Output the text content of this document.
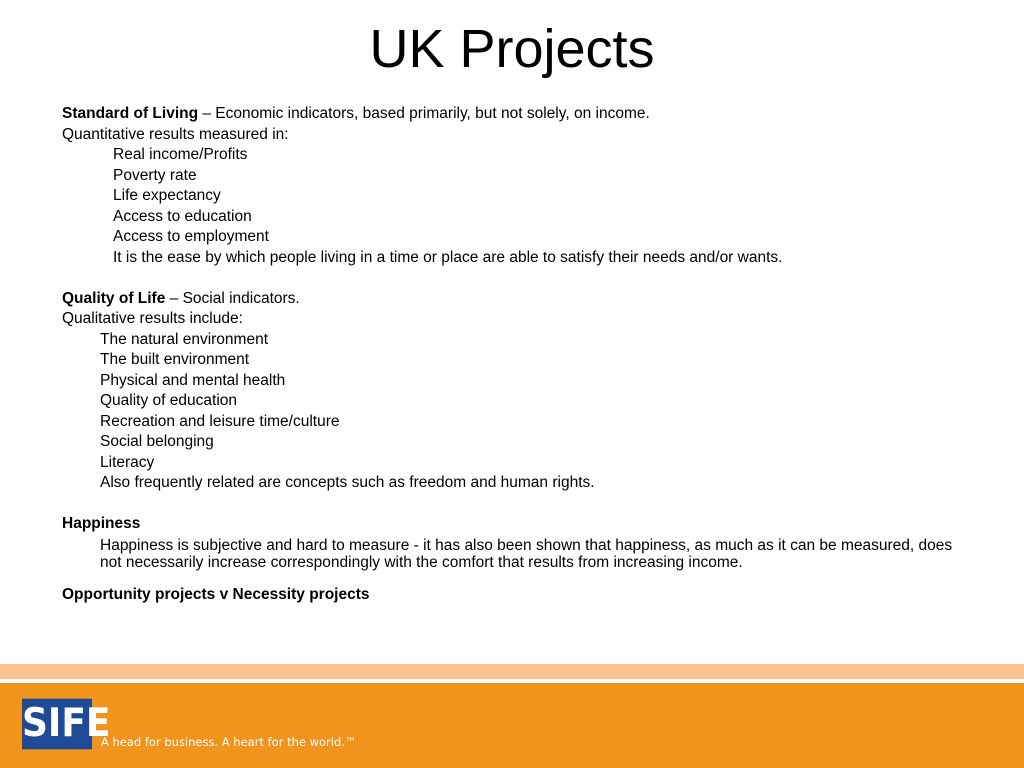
UK Projects
Standard of Living – Economic indicators, based primarily, but not solely, on income.
Quantitative results measured in:
Real income/Profits
Poverty rate
Life expectancy
Access to education
Access to employment
It is the ease by which people living in a time or place are able to satisfy their needs and/or wants.
Quality of Life – Social indicators.
Qualitative results include:
The natural environment
The built environment
Physical and mental health
Quality of education
Recreation and leisure time/culture
Social belonging
Literacy
Also frequently related are concepts such as freedom and human rights.
Happiness
Happiness is subjective and hard to measure - it has also been shown that happiness, as much as it can be measured, does not necessarily increase correspondingly with the comfort that results from increasing income.
Opportunity projects v Necessity projects
SIFE
A head for business. A heart for the world.™
